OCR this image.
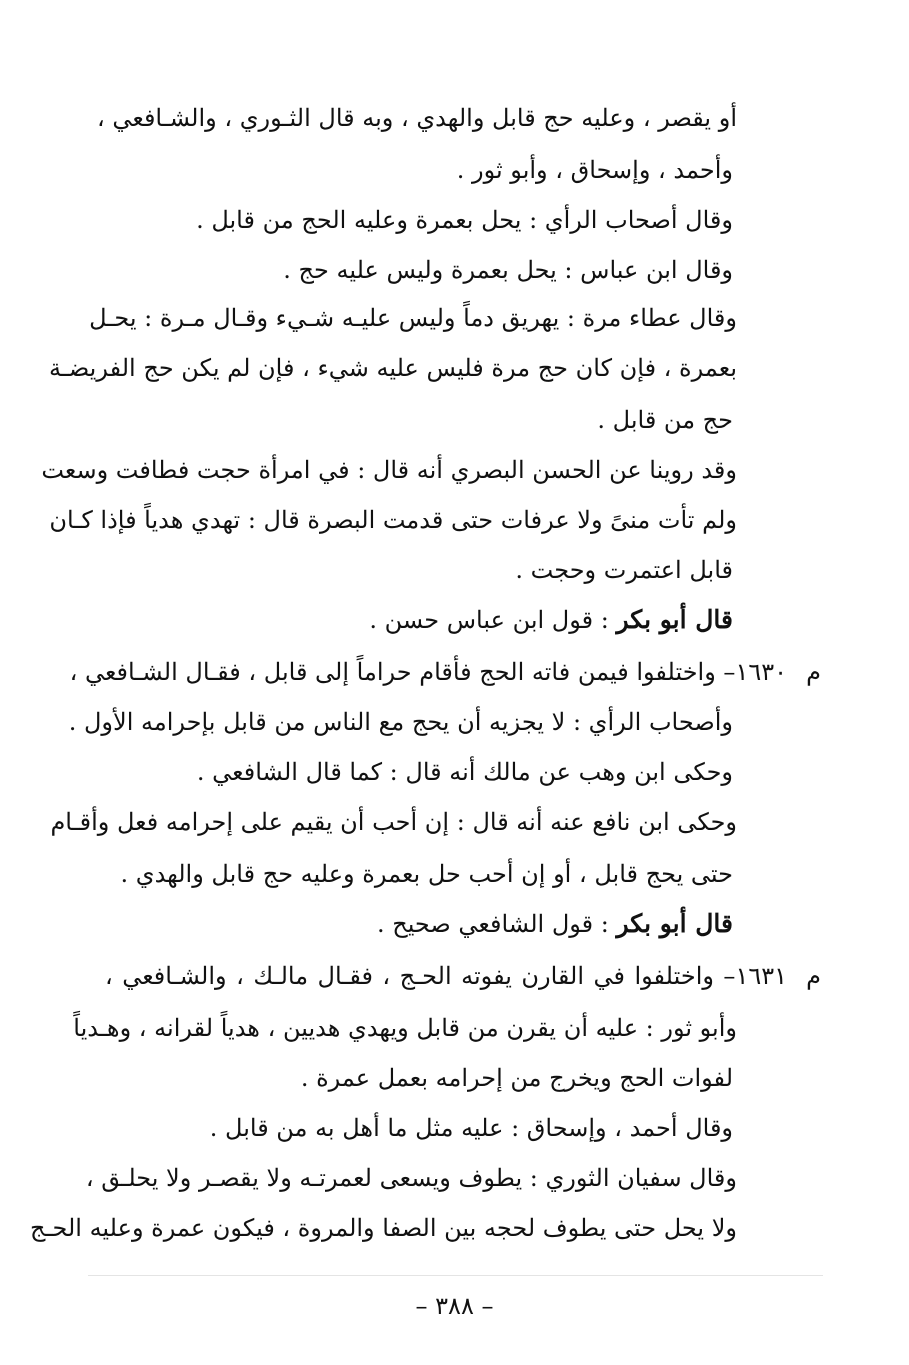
أو يقصر ، وعليه حج قابل والهدي ، وبه قال الثـوري ، والشـافعي ،
وأحمد ، وإسحاق ، وأبو ثور .
وقال أصحاب الرأي : يحل بعمرة وعليه الحج من قابل .
وقال ابن عباس : يحل بعمرة وليس عليه حج .
وقال عطاء مرة : يهريق دماً وليس عليـه شـيء وقـال مـرة : يحـل
بعمرة ، فإن كان حج مرة فليس عليه شيء ، فإن لم يكن حج الفريضـة
حج من قابل .
وقد روينا عن الحسن البصري أنه قال : في امرأة حجت فطافت وسعت
ولم تأت منىً ولا عرفات حتى قدمت البصرة قال : تهدي هدياً فإذا كـان
قابل اعتمرت وحجت .
قال أبو بكر : قول ابن عباس حسن .
م
١٦٣٠– واختلفوا فيمن فاته الحج فأقام حراماً إلى قابل ، فقـال الشـافعي ،
وأصحاب الرأي : لا يجزيه أن يحج مع الناس من قابل بإحرامه الأول .
وحكى ابن وهب عن مالك أنه قال : كما قال الشافعي .
وحكى ابن نافع عنه أنه قال : إن أحب أن يقيم على إحرامه فعل وأقـام
حتى يحج قابل ، أو إن أحب حل بعمرة وعليه حج قابل والهدي .
قال أبو بكر : قول الشافعي صحيح .
م
١٦٣١– واختلفوا في القارن يفوته الحـج ، فقـال مالـك ، والشـافعي ،
وأبو ثور : عليه أن يقرن من قابل ويهدي هديين ، هدياً لقرانه ، وهـدياً
لفوات الحج ويخرج من إحرامه بعمل عمرة .
وقال أحمد ، وإسحاق : عليه مثل ما أهل به من قابل .
وقال سفيان الثوري : يطوف ويسعى لعمرتـه ولا يقصـر ولا يحلـق ،
ولا يحل حتى يطوف لحجه بين الصفا والمروة ، فيكون عمرة وعليه الحـج
– ٣٨٨ –
